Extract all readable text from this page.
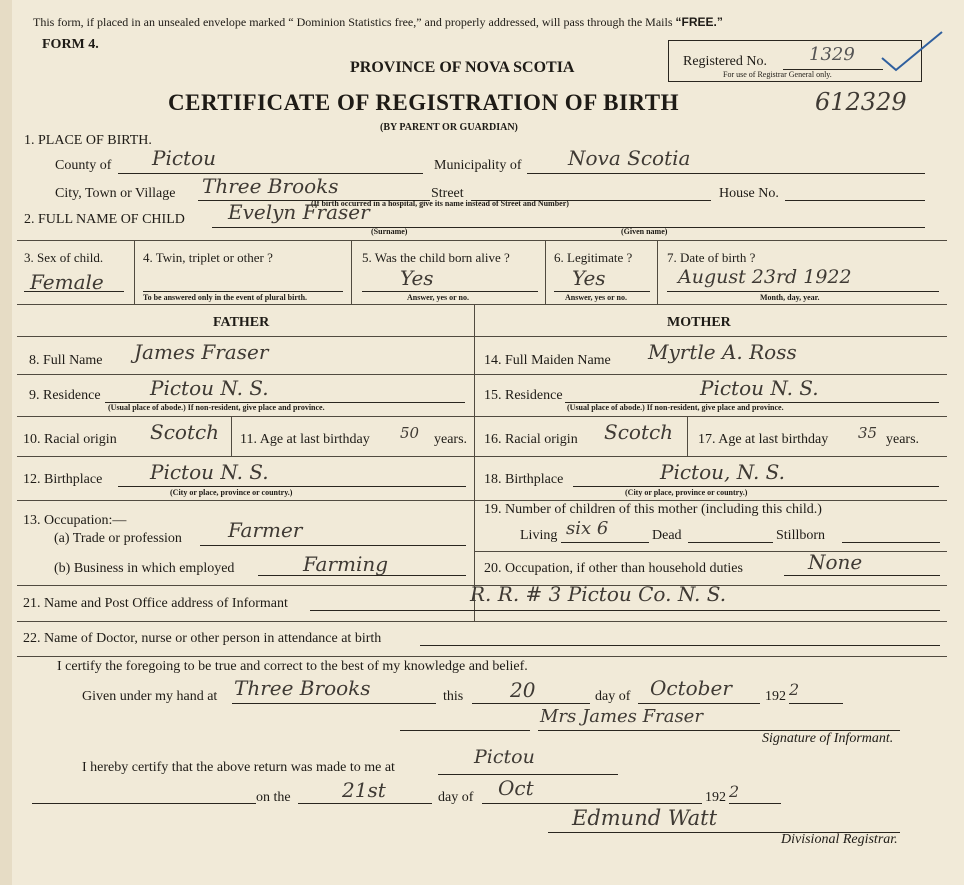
This form, if placed in an unsealed envelope marked “ Dominion Statistics free,” and properly addressed, will pass through the Mails “FREE.”
FORM 4.
PROVINCE OF NOVA SCOTIA
CERTIFICATE OF REGISTRATION OF BIRTH
(BY PARENT OR GUARDIAN)
Registered No. 1329
For use of Registrar General only.
612329
1. PLACE OF BIRTH.
County of Pictou	Municipality of Nova Scotia
City, Town or Village Three Brooks	Street	House No.
(If birth occurred in a hospital, give its name instead of Street and Number)
2. FULL NAME OF CHILD Evelyn Fraser
(Surname)	(Given name)
3. Sex of child.
Female
4. Twin, triplet or other ?
To be answered only in the event of plural birth.
5. Was the child born alive ?
Yes
Answer, yes or no.
6. Legitimate ?
Yes
Answer, yes or no.
7. Date of birth ?
August 23rd 1922
Month, day, year.
FATHER	MOTHER
8. Full Name James Fraser	14. Full Maiden Name Myrtle A. Ross
9. Residence Pictou N. S.
(Usual place of abode.) If non-resident, give place and province.
15. Residence	Pictou N. S.
(Usual place of abode.) If non-resident, give place and province.
10. Racial origin Scotch 11. Age at last birthday 50 years. 16. Racial origin Scotch 17. Age at last birthday 35 years.
12. Birthplace Pictou N. S.
(City or place, province or country.)
18. Birthplace	Pictou, N. S.
(City or place, province or country.)
13. Occupation:—
(a) Trade or profession Farmer
(b) Business in which employed	Farming
19. Number of children of this mother (including this child.)
Living six 6	Dead	Stillborn
20. Occupation, if other than household duties	None
21. Name and Post Office address of Informant	R. R. # 3 Pictou Co. N. S.
22. Name of Doctor, nurse or other person in attendance at birth
I certify the foregoing to be true and correct to the best of my knowledge and belief.
Given under my hand at Three Brooks	this 20	day of October 192 2
Mrs James Fraser
Signature of Informant.
I hereby certify that the above return was made to me at	Pictou
on the	21st	day of Oct	192 2
Edmund Watt
Divisional Registrar.
